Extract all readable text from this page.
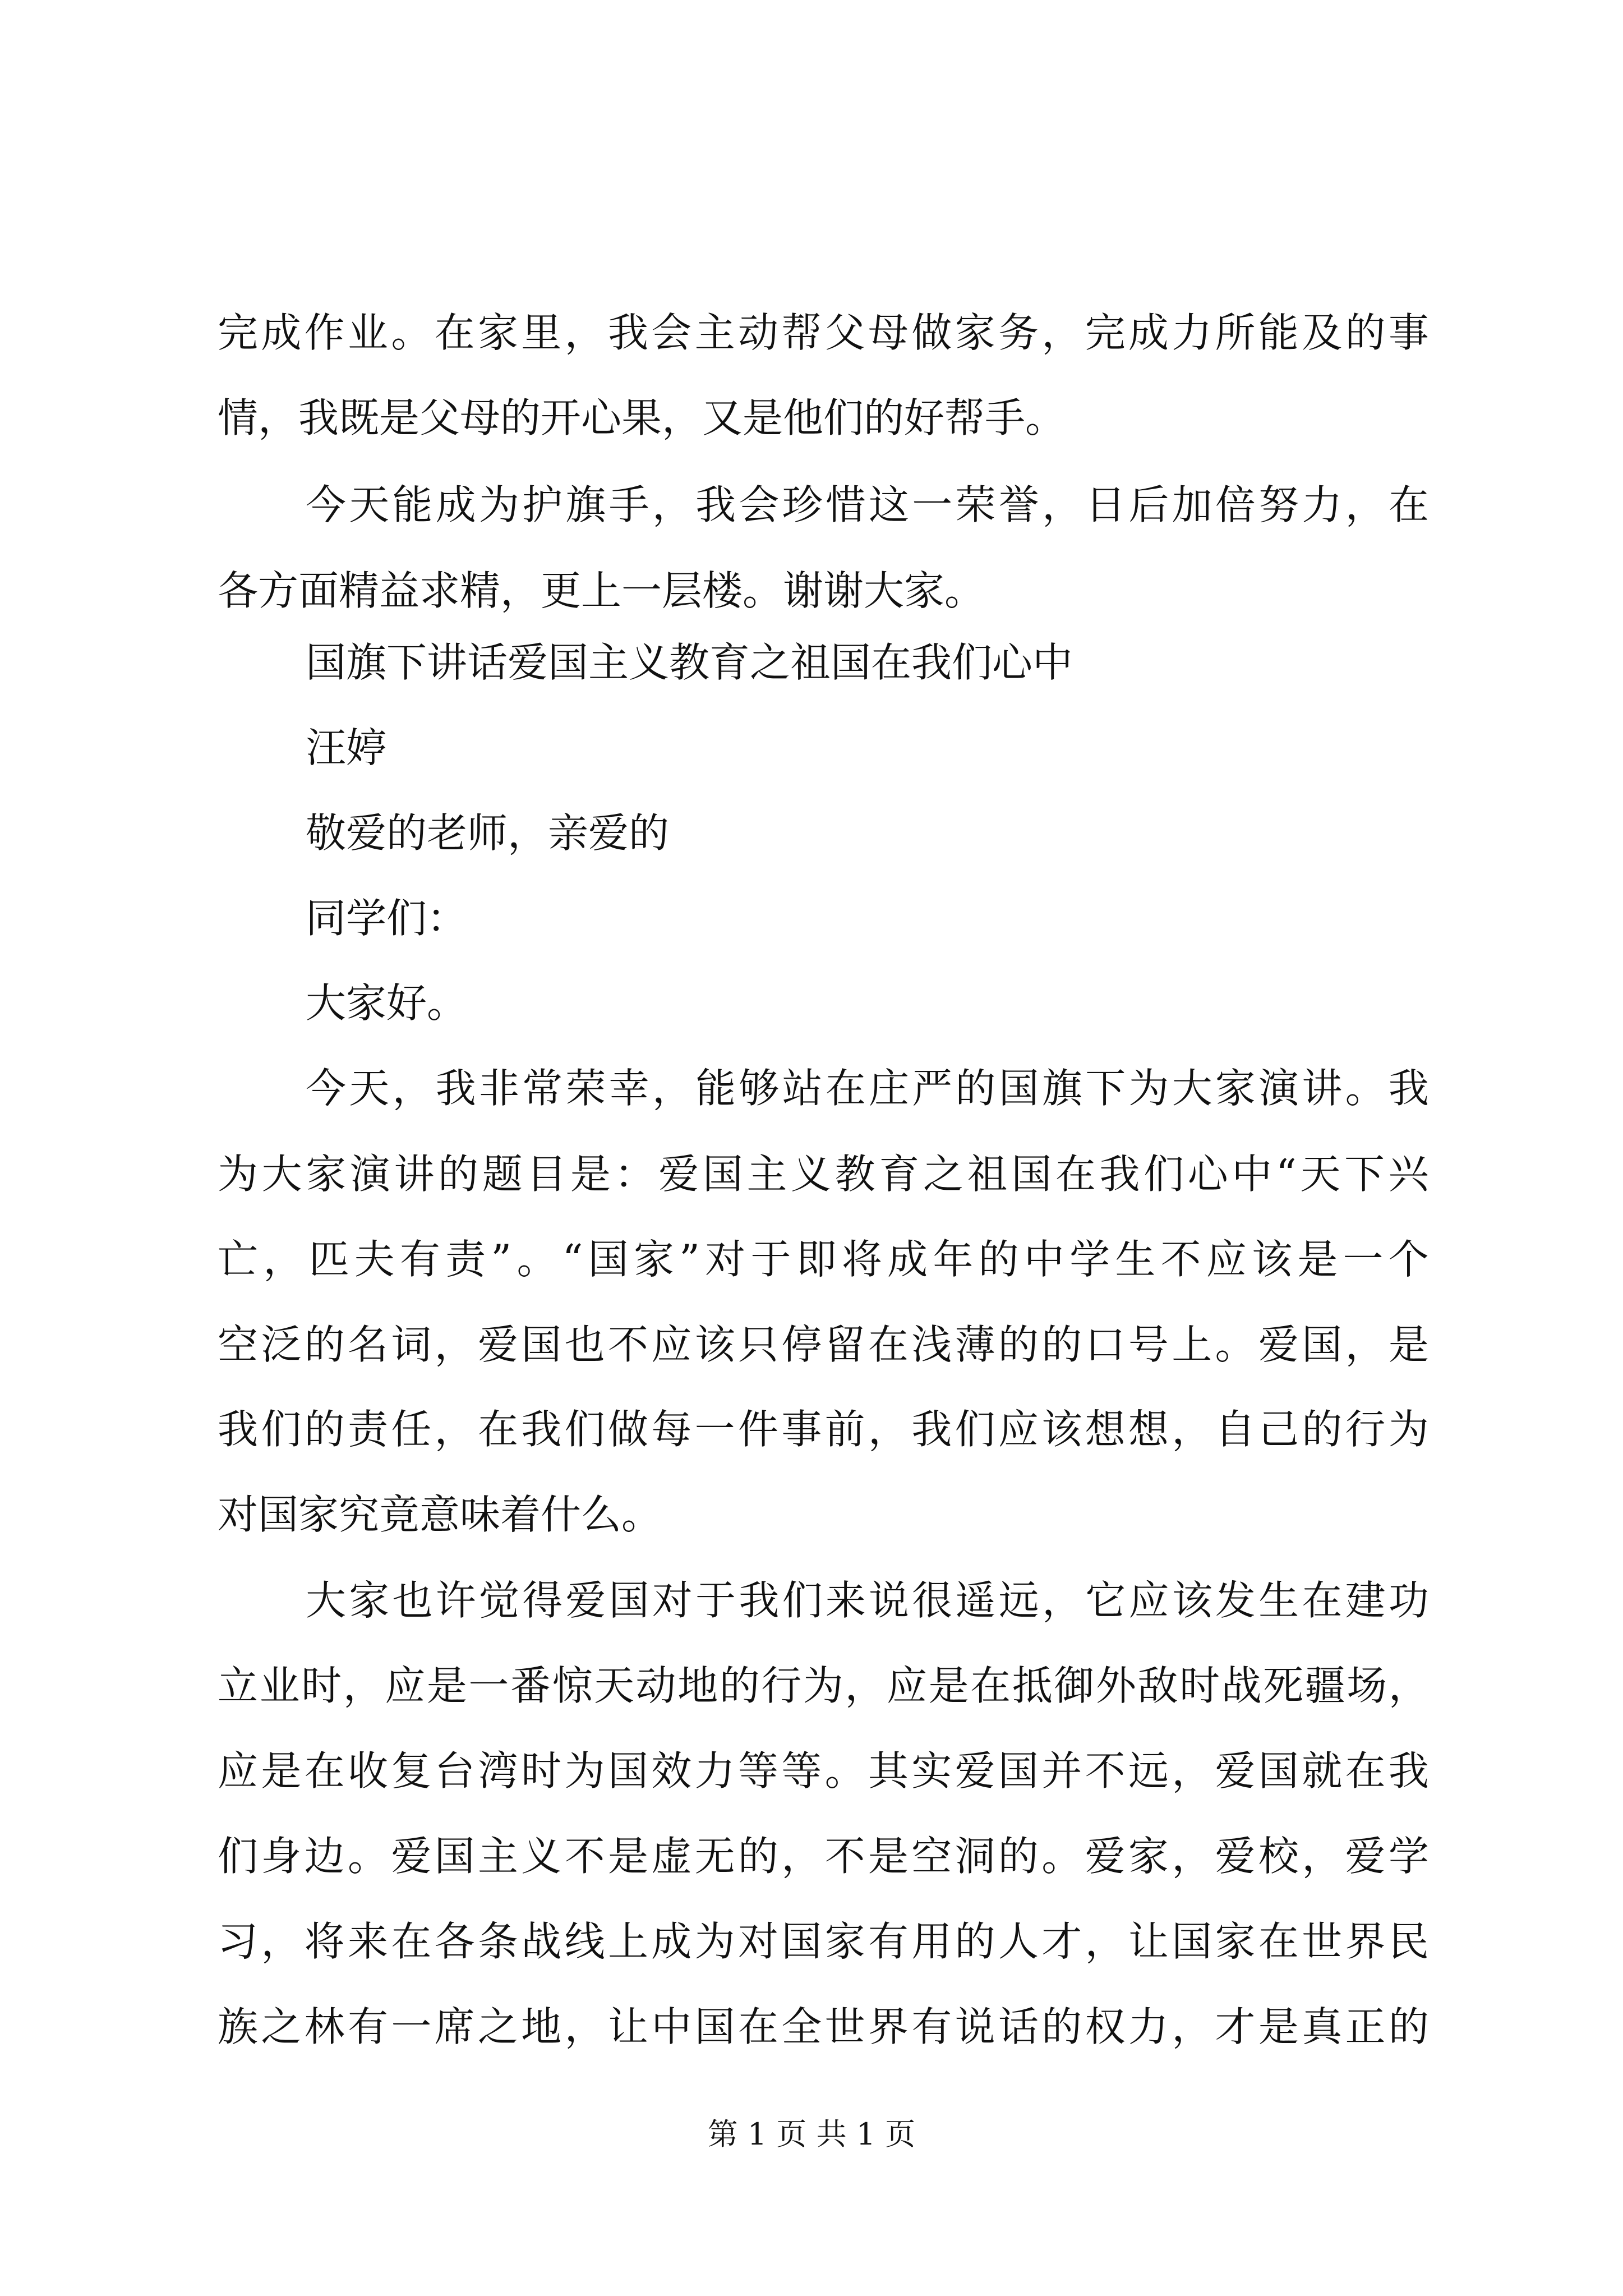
完 成 作 业 。 在 家 里 ， 我 会 主 动 帮 父 母 做 家 务 ， 完 成 力 所 能 及 的 事
情，我既是父母的开心果，又是他们的好帮手。
今 天 能 成 为 护 旗 手 ， 我 会 珍 惜 这 一 荣 誉 ， 日 后 加 倍 努 力 ， 在
各方面精益求精，更上一层楼。谢谢大家。
国旗下讲话爱国主义教育之祖国在我们心中
汪婷
敬爱的老师，亲爱的
同学们：
大家好。
今 天 ， 我 非 常 荣 幸 ， 能 够 站 在 庄 严 的 国 旗 下 为 大 家 演 讲 。 我
为 大 家 演 讲 的 题 目 是 ： 爱 国 主 义 教 育 之 祖 国 在 我 们 心 中 “ 天 下 兴
亡 ， 匹 夫 有 责 ” 。 “ 国 家 ” 对 于 即 将 成 年 的 中 学 生 不 应 该 是 一 个
空 泛 的 名 词 ， 爱 国 也 不 应 该 只 停 留 在 浅 薄 的 的 口 号 上 。 爱 国 ， 是
我 们 的 责 任 ， 在 我 们 做 每 一 件 事 前 ， 我 们 应 该 想 想 ， 自 己 的 行 为
对国家究竟意味着什么。
大 家 也 许 觉 得 爱 国 对 于 我 们 来 说 很 遥 远 ， 它 应 该 发 生 在 建 功
立 业 时 ， 应 是 一 番 惊 天 动 地 的 行 为 ， 应 是 在 抵 御 外 敌 时 战 死 疆 场 ，
应 是 在 收 复 台 湾 时 为 国 效 力 等 等 。 其 实 爱 国 并 不 远 ， 爱 国 就 在 我
们 身 边 。 爱 国 主 义 不 是 虚 无 的 ， 不 是 空 洞 的 。 爱 家 ， 爱 校 ， 爱 学
习 ， 将 来 在 各 条 战 线 上 成 为 对 国 家 有 用 的 人 才 ， 让 国 家 在 世 界 民
族 之 林 有 一 席 之 地 ， 让 中 国 在 全 世 界 有 说 话 的 权 力 ， 才 是 真 正 的
第 1 页 共 1 页
